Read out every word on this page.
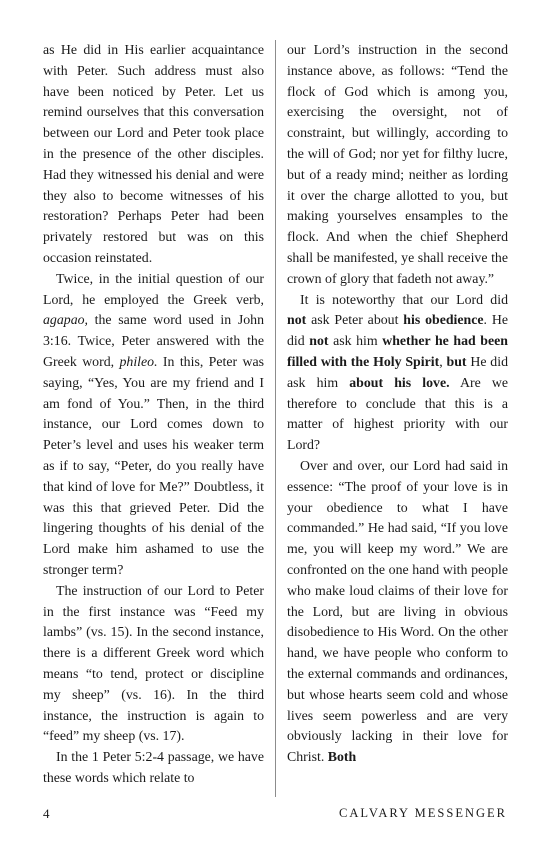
as He did in His earlier acquaintance with Peter. Such address must also have been noticed by Peter. Let us remind ourselves that this conversation between our Lord and Peter took place in the presence of the other disciples. Had they witnessed his denial and were they also to become witnesses of his restoration? Perhaps Peter had been privately restored but was on this occasion reinstated.

Twice, in the initial question of our Lord, he employed the Greek verb, agapao, the same word used in John 3:16. Twice, Peter answered with the Greek word, phileo. In this, Peter was saying, “Yes, You are my friend and I am fond of You.” Then, in the third instance, our Lord comes down to Peter’s level and uses his weaker term as if to say, “Peter, do you really have that kind of love for Me?” Doubtless, it was this that grieved Peter. Did the lingering thoughts of his denial of the Lord make him ashamed to use the stronger term?

The instruction of our Lord to Peter in the first instance was “Feed my lambs” (vs. 15). In the second instance, there is a different Greek word which means “to tend, protect or discipline my sheep” (vs. 16). In the third instance, the instruction is again to “feed” my sheep (vs. 17).

In the 1 Peter 5:2-4 passage, we have these words which relate to

our Lord’s instruction in the second instance above, as follows: “Tend the flock of God which is among you, exercising the oversight, not of constraint, but willingly, according to the will of God; nor yet for filthy lucre, but of a ready mind; neither as lording it over the charge allotted to you, but making yourselves ensamples to the flock. And when the chief Shepherd shall be manifested, ye shall receive the crown of glory that fadeth not away.”

It is noteworthy that our Lord did not ask Peter about his obedience. He did not ask him whether he had been filled with the Holy Spirit, but He did ask him about his love. Are we therefore to conclude that this is a matter of highest priority with our Lord?

Over and over, our Lord had said in essence: “The proof of your love is in your obedience to what I have commanded.” He had said, “If you love me, you will keep my word.” We are confronted on the one hand with people who make loud claims of their love for the Lord, but are living in obvious disobedience to His Word. On the other hand, we have people who conform to the external commands and ordinances, but whose hearts seem cold and whose lives seem powerless and are very obviously lacking in their love for Christ. Both

4	CALVARY MESSENGER
